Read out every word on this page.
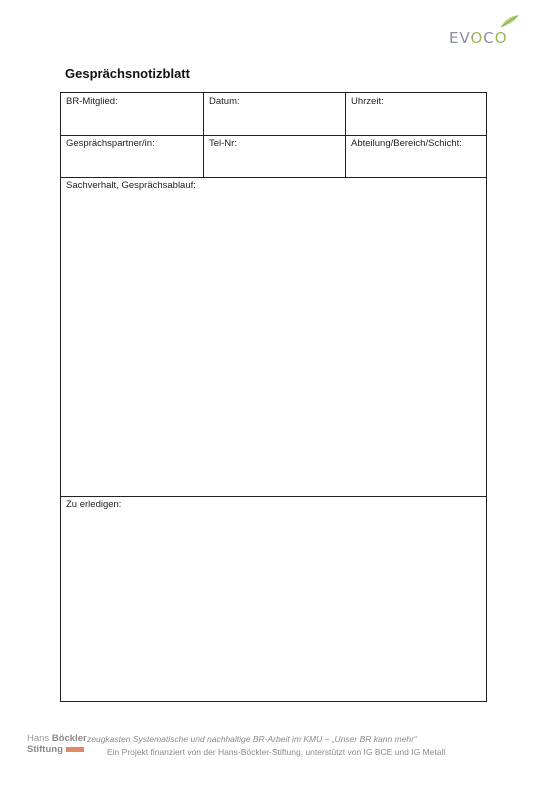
EVOCO
Gesprächsnotizblatt
BR-Mitglied:	Datum:	Uhrzeit:
Gesprächspartner/in:	Tel-Nr:	Abteilung/Bereich/Schicht:
Sachverhalt, Gesprächsablauf:
Zu erledigen:
Hans Böckler
Stiftung
zeugkasten Systematische und nachhaltige BR-Arbeit im KMU – „Unser BR kann mehr“
Ein Projekt finanziert von der Hans-Böckler-Stiftung, unterstützt von IG BCE und IG Metall
